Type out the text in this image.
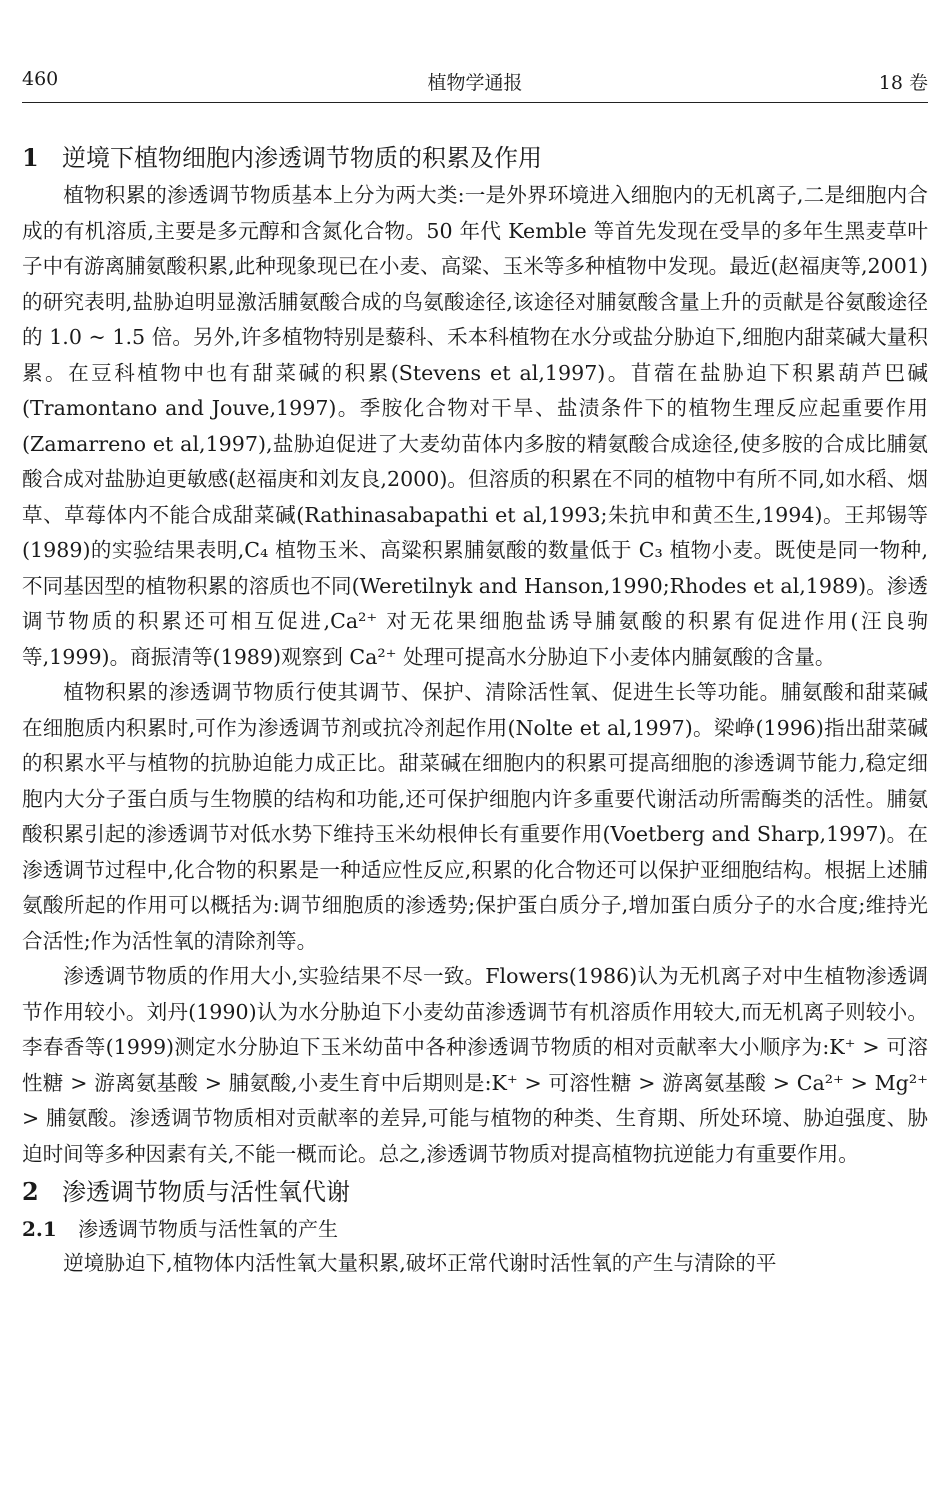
460	植物学通报	18 卷
1 逆境下植物细胞内渗透调节物质的积累及作用

植物积累的渗透调节物质基本上分为两大类:一是外界环境进入细胞内的无机离子,二是细胞内合成的有机溶质,主要是多元醇和含氮化合物。50 年代 Kemble 等首先发现在受旱的多年生黑麦草叶子中有游离脯氨酸积累,此种现象现已在小麦、高粱、玉米等多种植物中发现。最近(赵福庚等,2001)的研究表明,盐胁迫明显激活脯氨酸合成的鸟氨酸途径,该途径对脯氨酸含量上升的贡献是谷氨酸途径的 1.0 ~ 1.5 倍。另外,许多植物特别是藜科、禾本科植物在水分或盐分胁迫下,细胞内甜菜碱大量积累。在豆科植物中也有甜菜碱的积累(Stevens et al,1997)。苜蓿在盐胁迫下积累葫芦巴碱(Tramontano and Jouve,1997)。季胺化合物对干旱、盐渍条件下的植物生理反应起重要作用(Zamarreno et al,1997),盐胁迫促进了大麦幼苗体内多胺的精氨酸合成途径,使多胺的合成比脯氨酸合成对盐胁迫更敏感(赵福庚和刘友良,2000)。但溶质的积累在不同的植物中有所不同,如水稻、烟草、草莓体内不能合成甜菜碱(Rathinasabapathi et al,1993;朱抗申和黄丕生,1994)。王邦锡等(1989)的实验结果表明,C₄ 植物玉米、高粱积累脯氨酸的数量低于 C₃ 植物小麦。既使是同一物种,不同基因型的植物积累的溶质也不同(Weretilnyk and Hanson,1990;Rhodes et al,1989)。渗透调节物质的积累还可相互促进,Ca²⁺ 对无花果细胞盐诱导脯氨酸的积累有促进作用(汪良驹等,1999)。商振清等(1989)观察到 Ca²⁺ 处理可提高水分胁迫下小麦体内脯氨酸的含量。

植物积累的渗透调节物质行使其调节、保护、清除活性氧、促进生长等功能。脯氨酸和甜菜碱在细胞质内积累时,可作为渗透调节剂或抗冷剂起作用(Nolte et al,1997)。梁峥(1996)指出甜菜碱的积累水平与植物的抗胁迫能力成正比。甜菜碱在细胞内的积累可提高细胞的渗透调节能力,稳定细胞内大分子蛋白质与生物膜的结构和功能,还可保护细胞内许多重要代谢活动所需酶类的活性。脯氨酸积累引起的渗透调节对低水势下维持玉米幼根伸长有重要作用(Voetberg and Sharp,1997)。在渗透调节过程中,化合物的积累是一种适应性反应,积累的化合物还可以保护亚细胞结构。根据上述脯氨酸所起的作用可以概括为:调节细胞质的渗透势;保护蛋白质分子,增加蛋白质分子的水合度;维持光合活性;作为活性氧的清除剂等。

渗透调节物质的作用大小,实验结果不尽一致。Flowers(1986)认为无机离子对中生植物渗透调节作用较小。刘丹(1990)认为水分胁迫下小麦幼苗渗透调节有机溶质作用较大,而无机离子则较小。李春香等(1999)测定水分胁迫下玉米幼苗中各种渗透调节物质的相对贡献率大小顺序为:K⁺ > 可溶性糖 > 游离氨基酸 > 脯氨酸,小麦生育中后期则是:K⁺ > 可溶性糖 > 游离氨基酸 > Ca²⁺ > Mg²⁺ > 脯氨酸。渗透调节物质相对贡献率的差异,可能与植物的种类、生育期、所处环境、胁迫强度、胁迫时间等多种因素有关,不能一概而论。总之,渗透调节物质对提高植物抗逆能力有重要作用。

2 渗透调节物质与活性氧代谢
2.1 渗透调节物质与活性氧的产生

逆境胁迫下,植物体内活性氧大量积累,破坏正常代谢时活性氧的产生与清除的平
